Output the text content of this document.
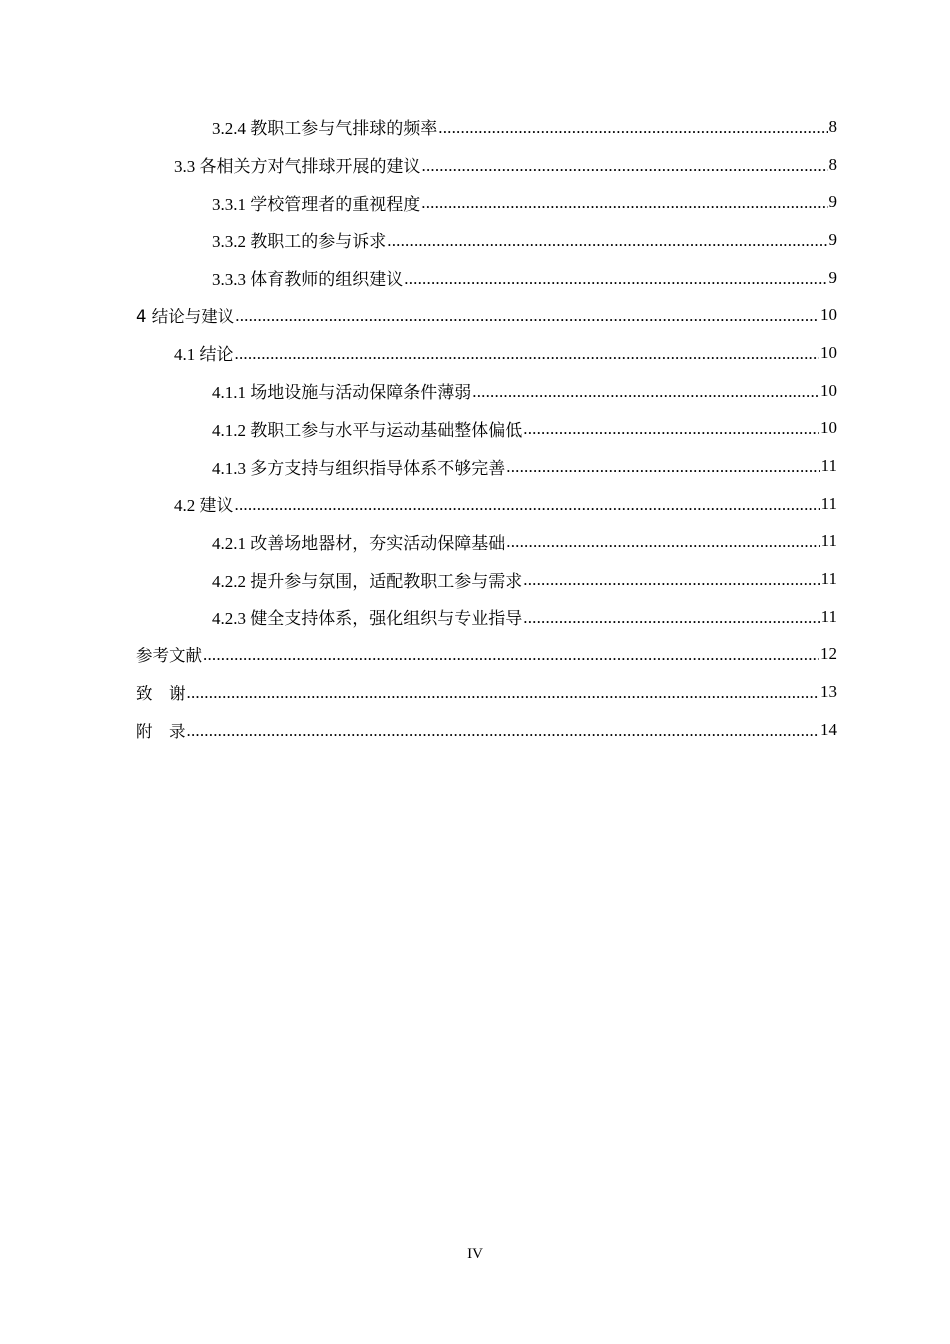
3.2.4 教职工参与气排球的频率 .....	8
3.3 各相关方对气排球开展的建议 .....	8
3.3.1 学校管理者的重视程度 .....	9
3.3.2 教职工的参与诉求 .....	9
3.3.3 体育教师的组织建议 .....	9
4 结论与建议 .....	10
4.1 结论 .....	10
4.1.1 场地设施与活动保障条件薄弱 .....	10
4.1.2 教职工参与水平与运动基础整体偏低 .....	10
4.1.3 多方支持与组织指导体系不够完善 .....	11
4.2 建议 .....	11
4.2.1 改善场地器材，夯实活动保障基础 .....	11
4.2.2 提升参与氛围，适配教职工参与需求 .....	11
4.2.3 健全支持体系，强化组织与专业指导 .....	11
参考文献 .....	12
致　谢 .....	13
附　录 .....	14
IV
